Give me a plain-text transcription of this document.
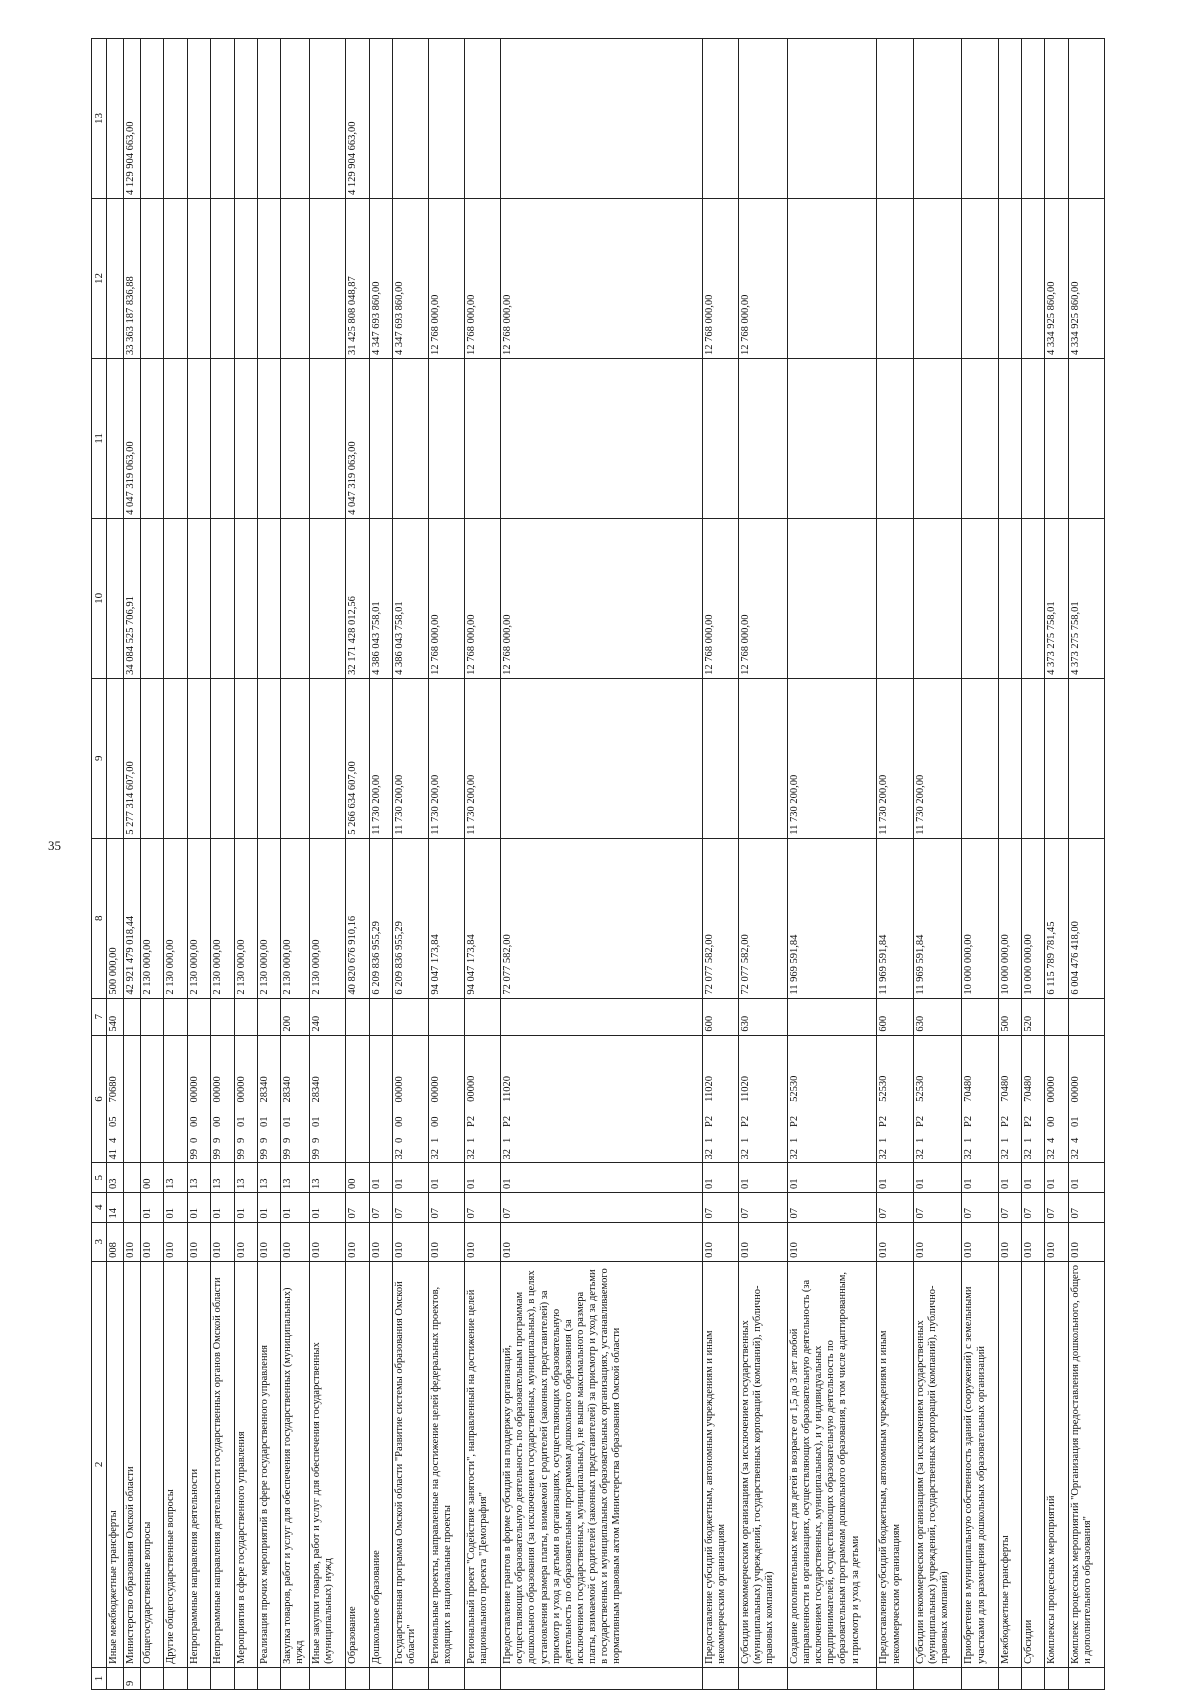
35
1	2	3	4	5	6	7	8	9	10	11	12	13
	Иные межбюджетные трансферты	008	14	03	4140570680	540	500 000,00					
9	Министерство образования Омской области	010					42 921 479 018,44	5 277 314 607,00	34 084 525 706,91	4 047 319 063,00	33 363 187 836,88	4 129 904 663,00
	Общегосударственные вопросы	010	01	00			2 130 000,00					
	Другие общегосударственные вопросы	010	01	13			2 130 000,00					
	Непрограммные направления деятельности	010	01	13	9900000000		2 130 000,00					
	Непрограммные направления деятельности государственных органов Омской области	010	01	13	9990000000		2 130 000,00					
	Мероприятия в сфере государственного управления	010	01	13	9990100000		2 130 000,00					
	Реализация прочих мероприятий в сфере государственного управления	010	01	13	9990128340		2 130 000,00					
	Закупка товаров, работ и услуг для обеспечения государственных (муниципальных) нужд	010	01	13	9990128340	200	2 130 000,00					
	Иные закупки товаров, работ и услуг для обеспечения государственных (муниципальных) нужд	010	01	13	9990128340	240	2 130 000,00					
	Образование	010	07	00			40 820 676 910,16	5 266 634 607,00	32 171 428 012,56	4 047 319 063,00	31 425 808 048,87	4 129 904 663,00
	Дошкольное образование	010	07	01			6 209 836 955,29	11 730 200,00	4 386 043 758,01		4 347 693 860,00	
	Государственная программа Омской области "Развитие системы образования Омской области"	010	07	01	3200000000		6 209 836 955,29	11 730 200,00	4 386 043 758,01		4 347 693 860,00	
	Региональные проекты, направленные на достижение целей федеральных проектов, входящих в национальные проекты	010	07	01	3210000000		94 047 173,84	11 730 200,00	12 768 000,00		12 768 000,00	
	Региональный проект "Содействие занятости", направленный на достижение целей национального проекта "Демография"	010	07	01	321P200000		94 047 173,84	11 730 200,00	12 768 000,00		12 768 000,00	
	Предоставление грантов в форме субсидий на поддержку организаций, осуществляющих образовательную деятельность по образовательным программам дошкольного образования (за исключением государственных, муниципальных), в целях установления размера платы, взимаемой с родителей (законных представителей) за присмотр и уход за детьми в организациях, осуществляющих образовательную деятельность по образовательным программам дошкольного образования (за исключением государственных, муниципальных), не выше максимального размера платы, взимаемой с родителей (законных представителей) за присмотр и уход за детьми в государственных и муниципальных образовательных организациях, устанавливаемого нормативным правовым актом Министерства образования Омской области	010	07	01	321P211020		72 077 582,00		12 768 000,00		12 768 000,00	
	Предоставление субсидий бюджетным, автономным учреждениям и иным некоммерческим организациям	010	07	01	321P211020	600	72 077 582,00		12 768 000,00		12 768 000,00	
	Субсидии некоммерческим организациям (за исключением государственных (муниципальных) учреждений, государственных корпораций (компаний), публично-правовых компаний)	010	07	01	321P211020	630	72 077 582,00		12 768 000,00		12 768 000,00	
	Создание дополнительных мест для детей в возрасте от 1,5 до 3 лет любой направленности в организациях, осуществляющих образовательную деятельность (за исключением государственных, муниципальных), и у индивидуальных предпринимателей, осуществляющих образовательную деятельность по образовательным программам дошкольного образования, в том числе адаптированным, и присмотр и уход за детьми	010	07	01	321P252530		11 969 591,84	11 730 200,00				
	Предоставление субсидий бюджетным, автономным учреждениям и иным некоммерческим организациям	010	07	01	321P252530	600	11 969 591,84	11 730 200,00				
	Субсидии некоммерческим организациям (за исключением государственных (муниципальных) учреждений, государственных корпораций (компаний), публично-правовых компаний)	010	07	01	321P252530	630	11 969 591,84	11 730 200,00				
	Приобретение в муниципальную собственность зданий (сооружений) с земельными участками для размещения дошкольных образовательных организаций	010	07	01	321P270480		10 000 000,00					
	Межбюджетные трансферты	010	07	01	321P270480	500	10 000 000,00					
	Субсидии	010	07	01	321P270480	520	10 000 000,00					
	Комплексы процессных мероприятий	010	07	01	3240000000		6 115 789 781,45		4 373 275 758,01		4 334 925 860,00	
	Комплекс процессных мероприятий "Организация предоставления дошкольного, общего и дополнительного образования"	010	07	01	3240100000		6 004 476 418,00		4 373 275 758,01		4 334 925 860,00	
